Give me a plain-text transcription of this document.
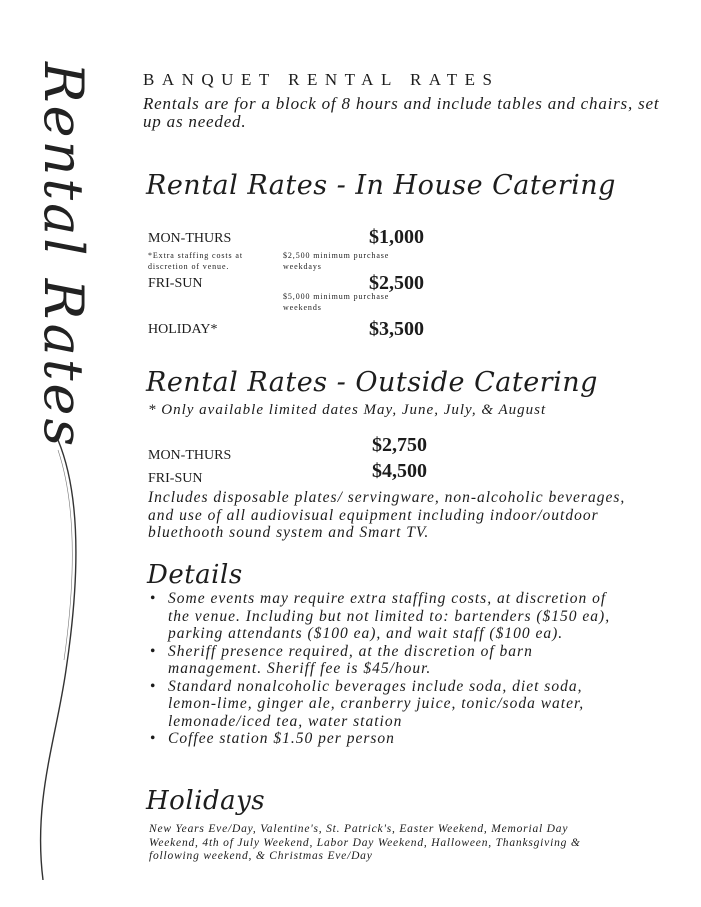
Rental Rates	BANQUET RENTAL RATES
Rentals are for a block of 8 hours and include tables and chairs, set up as needed.
Rental Rates - In House Catering
MON-THURS	$1,000
*Extra staffing costs at discretion of venue.
$2,500 minimum purchase weekdays
FRI-SUN	$2,500
$5,000 minimum purchase weekends
HOLIDAY*	$3,500
Rental Rates - Outside Catering
* Only available limited dates May, June, July, & August
MON-THURS	$2,750
FRI-SUN	$4,500
Includes disposable plates/ servingware, non-alcoholic beverages, and use of all audiovisual equipment including indoor/outdoor bluethooth sound system and Smart TV.
Details
• Some events may require extra staffing costs, at discretion of the venue. Including but not limited to: bartenders ($150 ea), parking attendants ($100 ea), and wait staff ($100 ea).
• Sheriff presence required, at the discretion of barn management. Sheriff fee is $45/hour.
• Standard nonalcoholic beverages include soda, diet soda, lemon-lime, ginger ale, cranberry juice, tonic/soda water, lemonade/iced tea, water station
• Coffee station $1.50 per person
Holidays
New Years Eve/Day, Valentine's, St. Patrick's, Easter Weekend, Memorial Day Weekend, 4th of July Weekend, Labor Day Weekend, Halloween, Thanksgiving & following weekend, & Christmas Eve/Day
